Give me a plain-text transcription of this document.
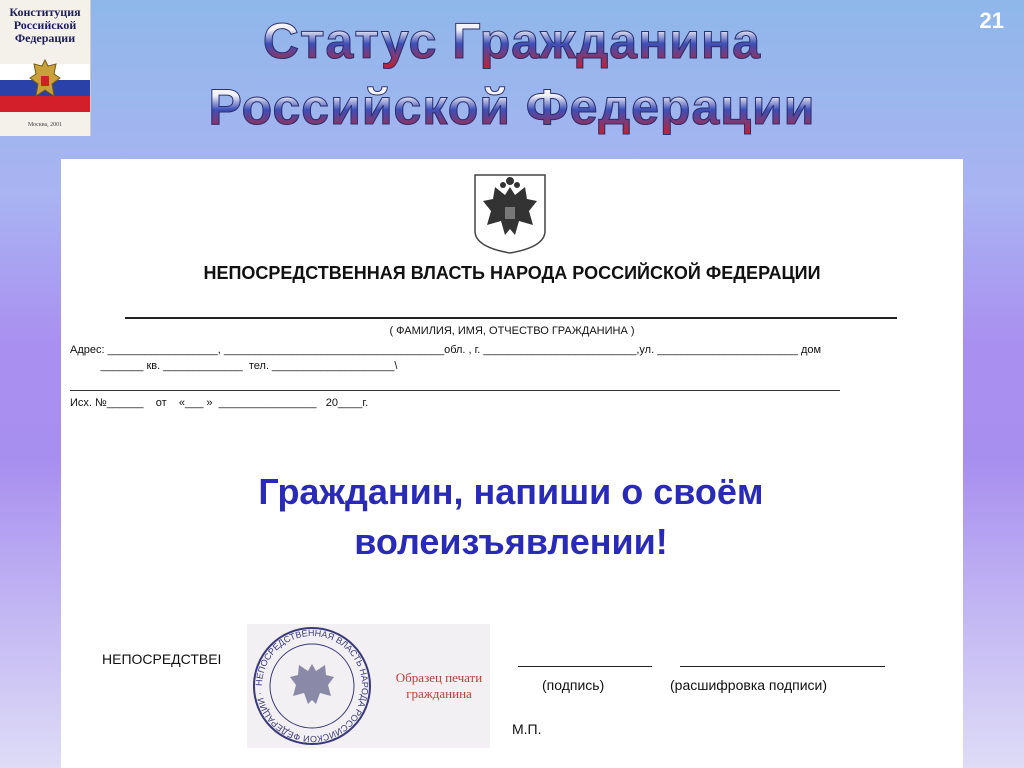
Конституция Российской Федерации
Москва, 2001
21
Статус Гражданина
Российской Федерации
НЕПОСРЕДСТВЕННАЯ ВЛАСТЬ НАРОДА РОССИЙСКОЙ ФЕДЕРАЦИИ
( ФАМИЛИЯ, ИМЯ, ОТЧЕСТВО ГРАЖДАНИНА )
Адрес: __________________, ____________________________________обл. , г. _________________________,ул. _______________________ дом
_______ кв. _____________  тел. ____________________\
Исх. №______    от    «___ »  ________________   20____г.
Гражданин, напиши о своём волеизъявлении!
НЕПОСРЕДСТВЕІ
НЕПОСРЕДСТВЕННАЯ ВЛАСТЬ НАРОДА РОССИЙСКОЙ ФЕДЕРАЦИИ ·
Образец печати гражданина
(подпись)	(расшифровка подписи)
М.П.
